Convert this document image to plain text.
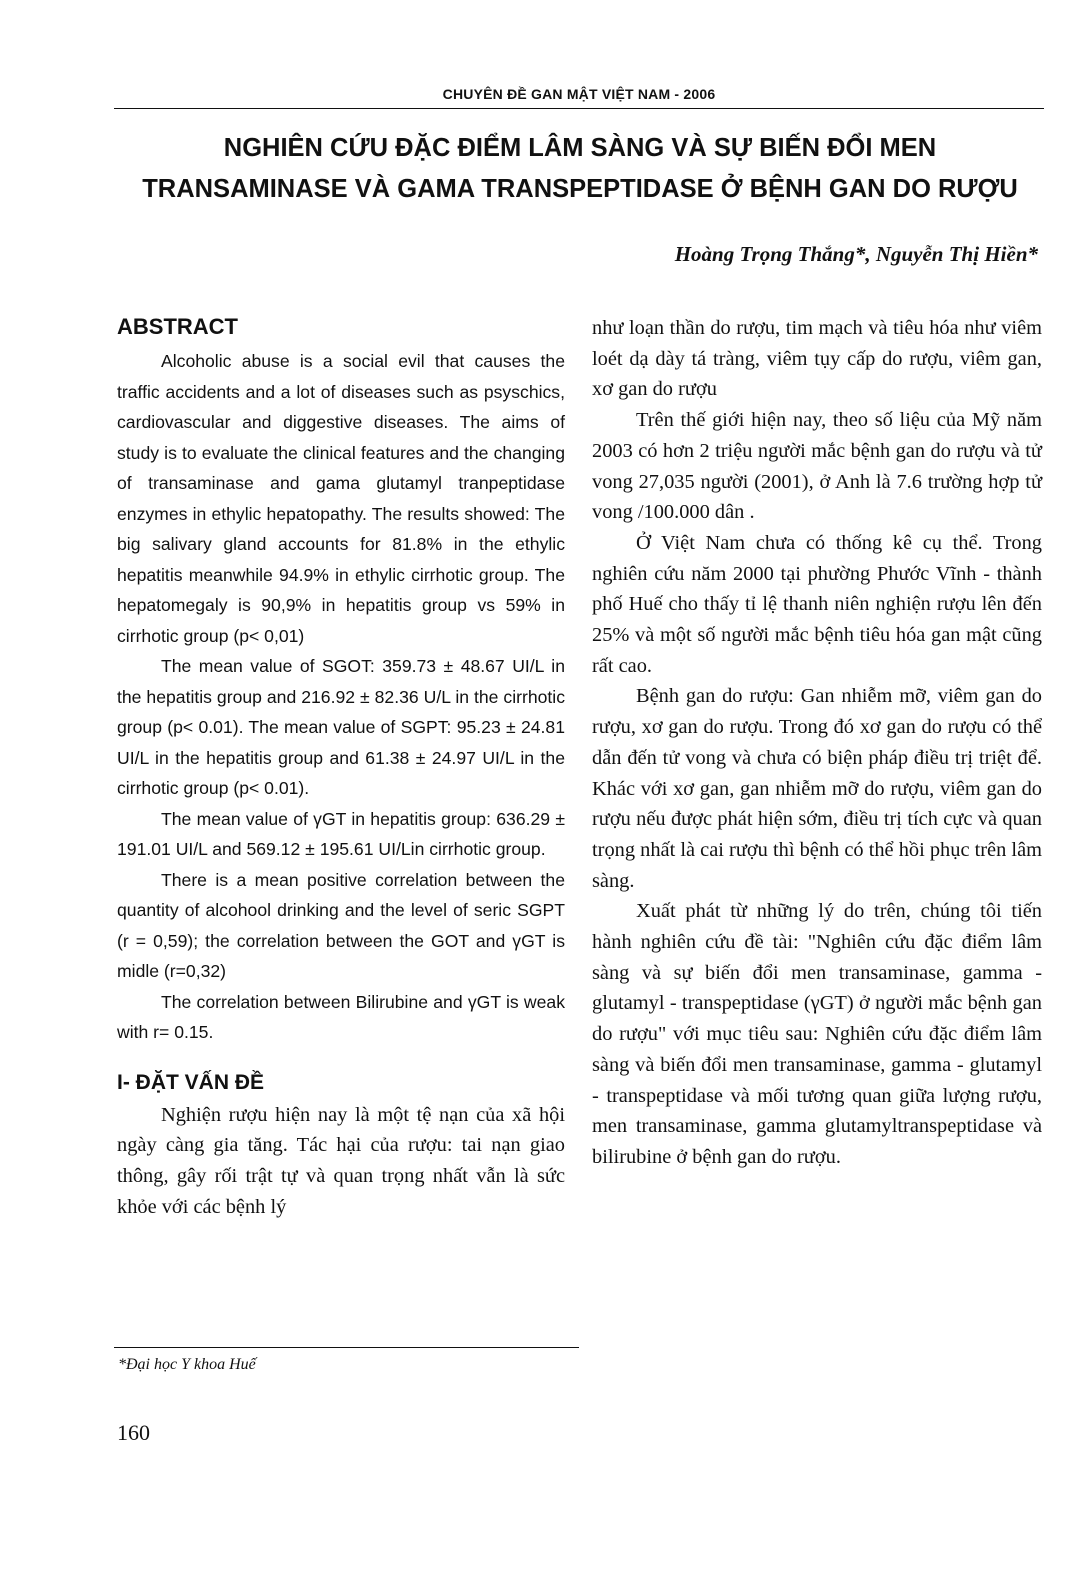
CHUYÊN ĐỀ GAN MẬT VIỆT NAM - 2006
NGHIÊN CỨU ĐẶC ĐIỂM LÂM SÀNG VÀ SỰ BIẾN ĐỔI MEN
TRANSAMINASE VÀ GAMA TRANSPEPTIDASE Ở BỆNH GAN DO RƯỢU
Hoàng Trọng Thắng*, Nguyễn Thị Hiền*
ABSTRACT

Alcoholic abuse is a social evil that causes the traffic accidents and a lot of diseases such as psyschics, cardiovascular and diggestive diseases. The aims of study is to evaluate the clinical features and the changing of transaminase and gama glutamyl tranpeptidase enzymes in ethylic hepatopathy. The results showed: The big salivary gland accounts for 81.8% in the ethylic hepatitis meanwhile 94.9% in ethylic cirrhotic group. The hepatomegaly is 90,9% in hepatitis group vs 59% in cirrhotic group (p< 0,01)

The mean value of SGOT: 359.73 ± 48.67 UI/L in the hepatitis group and 216.92 ± 82.36 U/L in the cirrhotic group (p< 0.01). The mean value of SGPT: 95.23 ± 24.81 UI/L in the hepatitis group and 61.38 ± 24.97 UI/L in the cirrhotic group (p< 0.01).

The mean value of γGT in hepatitis group: 636.29 ± 191.01 UI/L and 569.12 ± 195.61 UI/Lin cirrhotic group.

There is a mean positive correlation between the quantity of alcohool drinking and the level of seric SGPT (r = 0,59); the correlation between the GOT and γGT is midle (r=0,32)

The correlation between Bilirubine and γGT is weak with r= 0.15.

I- ĐẶT VẤN ĐỀ

Nghiện rượu hiện nay là một tệ nạn của xã hội ngày càng gia tăng. Tác hại của rượu: tai nạn giao thông, gây rối trật tự và quan trọng nhất vẫn là sức khỏe với các bệnh lý

như loạn thần do rượu, tim mạch và tiêu hóa như viêm loét dạ dày tá tràng, viêm tụy cấp do rượu, viêm gan, xơ gan do rượu

Trên thế giới hiện nay, theo số liệu của Mỹ năm 2003 có hơn 2 triệu người mắc bệnh gan do rượu và tử vong 27,035 người (2001), ở Anh là 7.6 trường hợp tử vong /100.000 dân .

Ở Việt Nam chưa có thống kê cụ thể. Trong nghiên cứu năm 2000 tại phường Phước Vĩnh - thành phố Huế cho thấy tỉ lệ thanh niên nghiện rượu lên đến 25% và một số người mắc bệnh tiêu hóa gan mật cũng rất cao.

Bệnh gan do rượu: Gan nhiễm mỡ, viêm gan do rượu, xơ gan do rượu. Trong đó xơ gan do rượu có thể dẫn đến tử vong và chưa có biện pháp điều trị triệt để. Khác với xơ gan, gan nhiễm mỡ do rượu, viêm gan do rượu nếu được phát hiện sớm, điều trị tích cực và quan trọng nhất là cai rượu thì bệnh có thể hồi phục trên lâm sàng.

Xuất phát từ những lý do trên, chúng tôi tiến hành nghiên cứu đề tài: "Nghiên cứu đặc điểm lâm sàng và sự biến đổi men transaminase, gamma - glutamyl - transpeptidase (γGT) ở người mắc bệnh gan do rượu" với mục tiêu sau: Nghiên cứu đặc điểm lâm sàng và biến đổi men transaminase, gamma - glutamyl - transpeptidase và mối tương quan giữa lượng rượu, men transaminase, gamma glutamyltranspeptidase và bilirubine ở bệnh gan do rượu.

*Đại học Y khoa Huế
160
